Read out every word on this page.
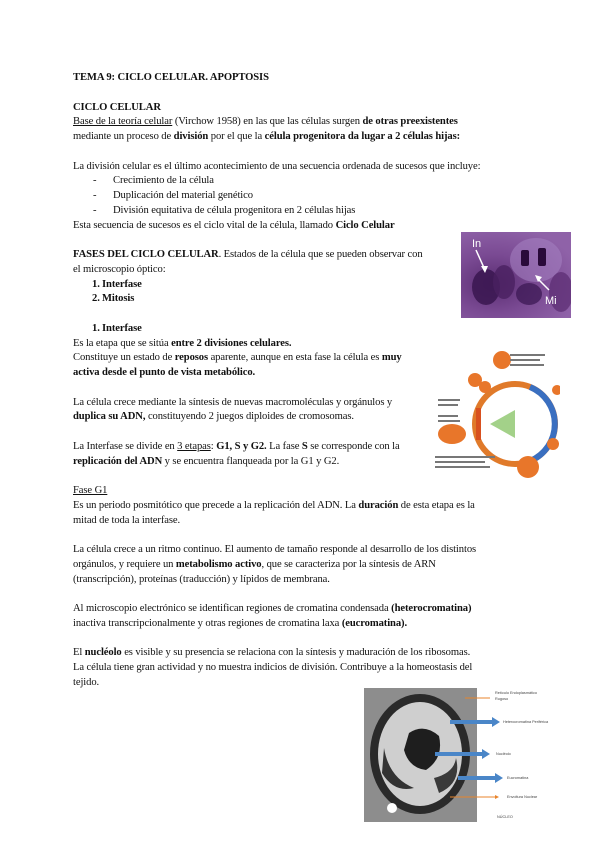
TEMA 9: CICLO CELULAR. APOPTOSIS
CICLO CELULAR
Base de la teoría celular (Virchow 1958) en las que las células surgen de otras preexistentes
mediante un proceso de división por el que la célula progenitora da lugar a 2 células hijas:
La división celular es el último acontecimiento de una secuencia ordenada de sucesos que incluye:
- Crecimiento de la célula
- Duplicación del material genético
- División equitativa de célula progenitora en 2 células hijas
Esta secuencia de sucesos es el ciclo vital de la célula, llamado Ciclo Celular
FASES DEL CICLO CELULAR. Estados de la célula que se pueden observar con
el microscopio óptico:
1. Interfase
2. Mitosis
1. Interfase
Es la etapa que se sitúa entre 2 divisiones celulares.
Constituye un estado de reposos aparente, aunque en esta fase la célula es muy
activa desde el punto de vista metabólico.
La célula crece mediante la síntesis de nuevas macromoléculas y orgánulos y
duplica su ADN, constituyendo 2 juegos diploides de cromosomas.
La Interfase se divide en 3 etapas: G1, S y G2. La fase S se corresponde con la
replicación del ADN y se encuentra flanqueada por la G1 y G2.
Fase G1
Es un periodo posmitótico que precede a la replicación del ADN. La duración de esta etapa es la
mitad de toda la interfase.
La célula crece a un ritmo continuo. El aumento de tamaño responde al desarrollo de los distintos
orgánulos, y requiere un metabolismo activo, que se caracteriza por la síntesis de ARN
(transcripción), proteínas (traducción) y lípidos de membrana.
Al microscopio electrónico se identifican regiones de cromatina condensada (heterocromatina)
inactiva transcripcionalmente y otras regiones de cromatina laxa (eucromatina).
El nucléolo es visible y su presencia se relaciona con la síntesis y maduración de los ribosomas.
La célula tiene gran actividad y no muestra indicios de división. Contribuye a la homeostasis del
tejido.
In
Mi
Retículo Endoplasmático Rugoso
Heterocromatina Periférica
Nucléolo
Eucromatina
Envoltura Nuclear
NÚCLEO
